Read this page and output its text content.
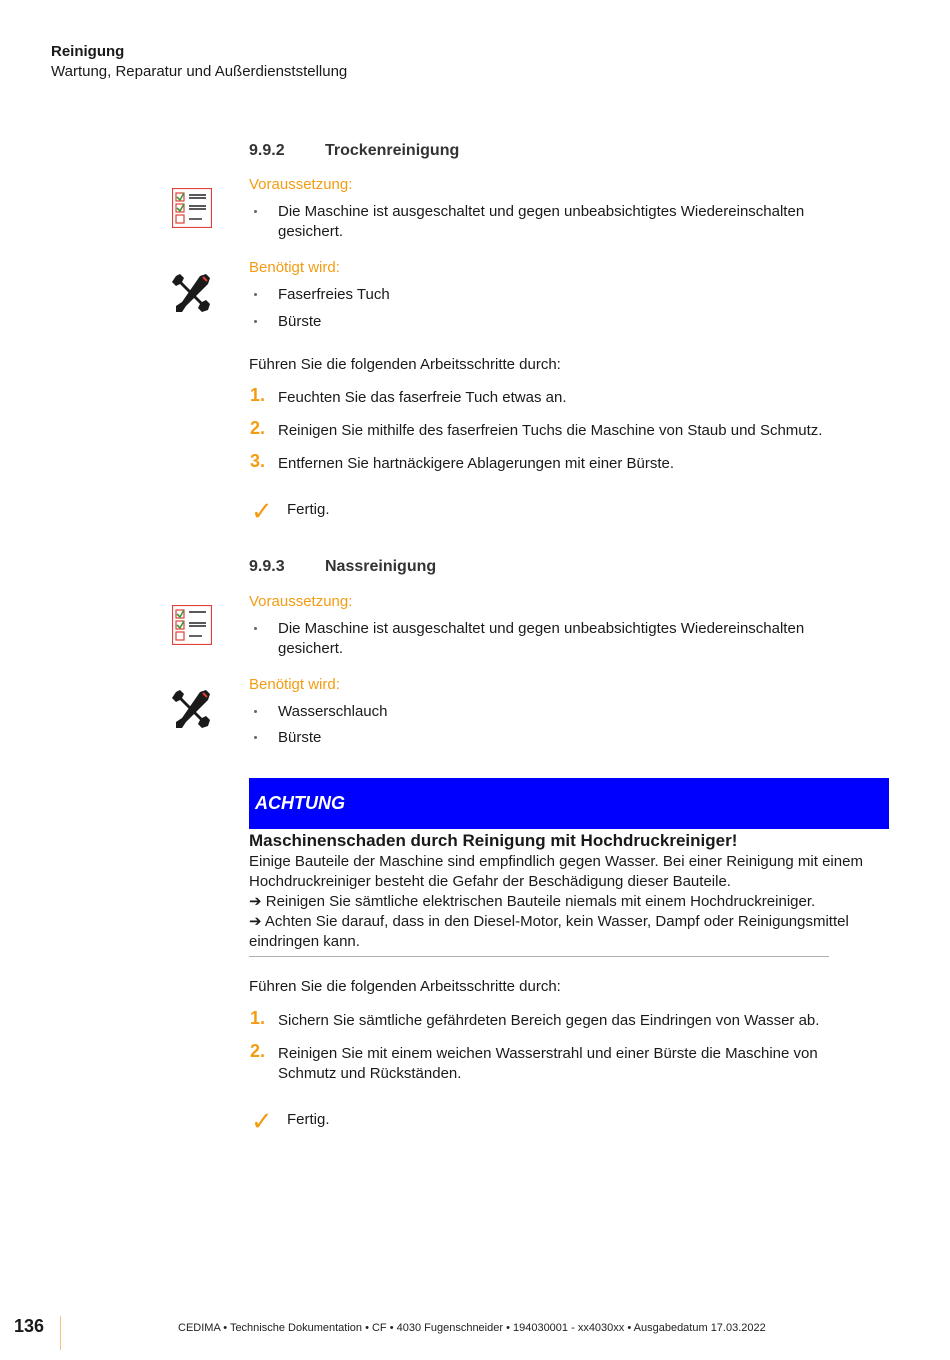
Reinigung
Wartung, Reparatur und Außerdienststellung
9.9.2	Trockenreinigung
Voraussetzung:
Die Maschine ist ausgeschaltet und gegen unbeabsichtigtes Wiedereinschalten gesichert.
Benötigt wird:
Faserfreies Tuch
Bürste
Führen Sie die folgenden Arbeitsschritte durch:
1. Feuchten Sie das faserfreie Tuch etwas an.
2. Reinigen Sie mithilfe des faserfreien Tuchs die Maschine von Staub und Schmutz.
3. Entfernen Sie hartnäckigere Ablagerungen mit einer Bürste.
✓ Fertig.
9.9.3	Nassreinigung
Voraussetzung:
Die Maschine ist ausgeschaltet und gegen unbeabsichtigtes Wiedereinschalten gesichert.
Benötigt wird:
Wasserschlauch
Bürste
ACHTUNG
Maschinenschaden durch Reinigung mit Hochdruckreiniger!
Einige Bauteile der Maschine sind empfindlich gegen Wasser. Bei einer Reinigung mit einem Hochdruckreiniger besteht die Gefahr der Beschädigung dieser Bauteile.
➔ Reinigen Sie sämtliche elektrischen Bauteile niemals mit einem Hochdruckreiniger.
➔ Achten Sie darauf, dass in den Diesel-Motor, kein Wasser, Dampf oder Reinigungsmittel eindringen kann.
Führen Sie die folgenden Arbeitsschritte durch:
1. Sichern Sie sämtliche gefährdeten Bereich gegen das Eindringen von Wasser ab.
2. Reinigen Sie mit einem weichen Wasserstrahl und einer Bürste die Maschine von Schmutz und Rückständen.
✓ Fertig.
136	CEDIMA • Technische Dokumentation • CF • 4030 Fugenschneider • 194030001 - xx4030xx • Ausgabedatum 17.03.2022
